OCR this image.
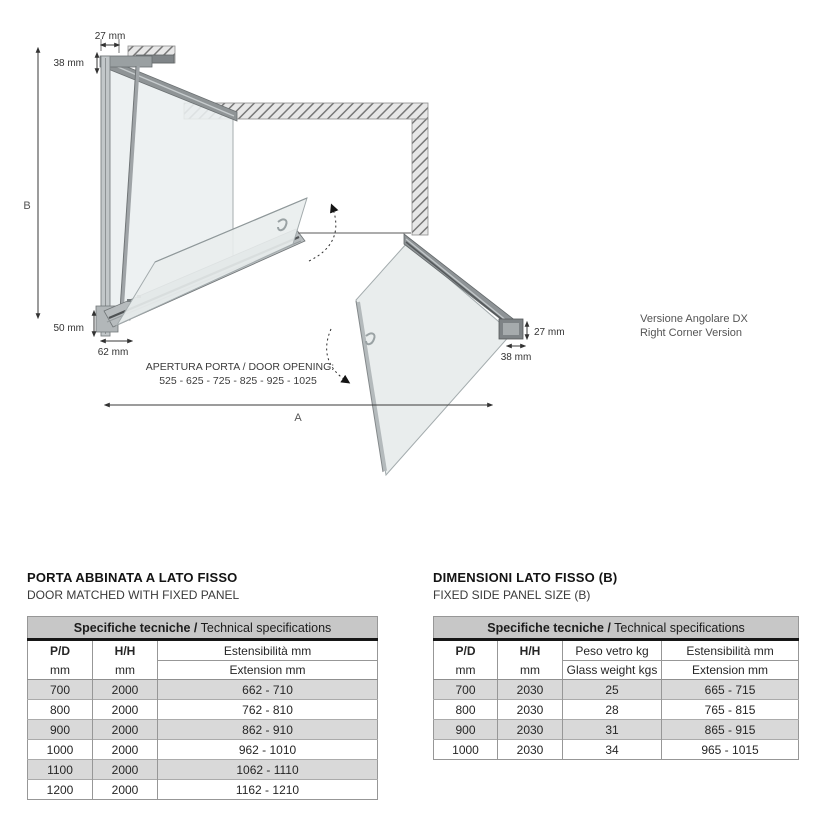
27 mm
38 mm
50 mm
62 mm
27 mm
38 mm
B
A
APERTURA PORTA / DOOR OPENING:
525 - 625 - 725 - 825 - 925 - 1025
Versione Angolare DX
Right Corner Version
PORTA ABBINATA A LATO FISSO
DOOR MATCHED WITH FIXED PANEL
Specifiche tecniche / Technical specifications		
P/D	H/H	Estensibilità mm
mm	mm	Extension mm
700	2000	662 - 710
800	2000	762 - 810
900	2000	862 - 910
1000	2000	962 - 1010
1100	2000	1062 - 1110
1200	2000	1162 - 1210
DIMENSIONI LATO FISSO (B)
FIXED SIDE PANEL SIZE (B)
Specifiche tecniche / Technical specifications			
P/D	H/H	Peso vetro kg	Estensibilità mm
mm	mm	Glass weight kgs	Extension mm
700	2030	25	665 - 715
800	2030	28	765 - 815
900	2030	31	865 - 915
1000	2030	34	965 - 1015
